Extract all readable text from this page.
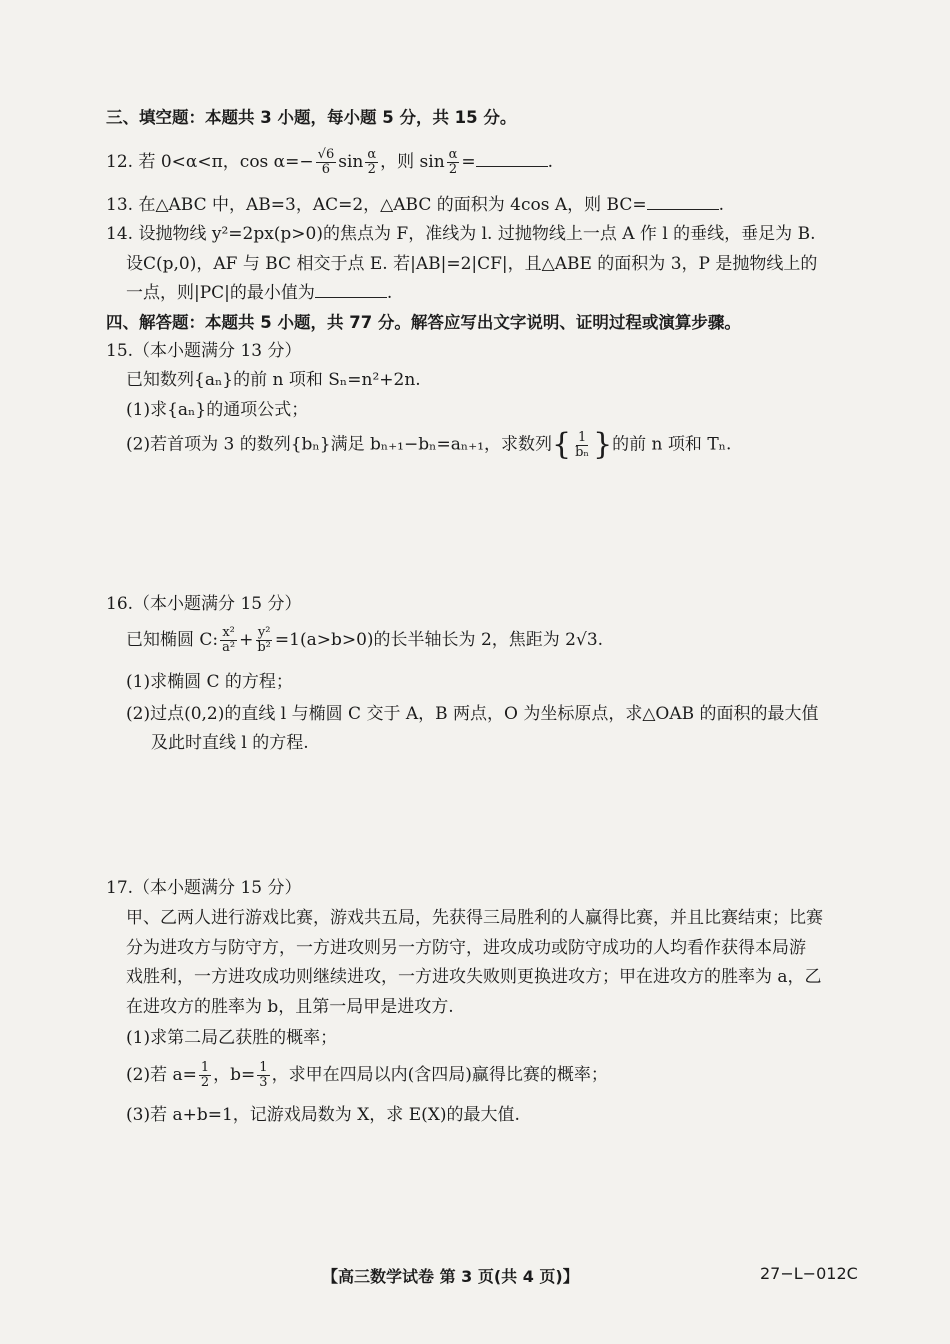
三、填空题：本题共 3 小题，每小题 5 分，共 15 分。
12. 若 0<α<π，$\cos \alpha=- \frac{√6}{6}$ $\sin \frac{\alpha}{2}$ ，则 $\sin \frac{\alpha}{2}$ =	.
13. 在△ABC 中，AB=3，AC=2，△ABC 的面积为 4cos A，则 BC=	.
14. 设抛物线 y²=2px(p>0)的焦点为 F，准线为 l. 过抛物线上一点 A 作 l 的垂线，垂足为 B.
设C(p,0)，AF 与 BC 相交于点 E. 若|AB|=2|CF|，且△ABE 的面积为 3，P 是抛物线上的
一点，则|PC|的最小值为	.
四、解答题：本题共 5 小题，共 77 分。解答应写出文字说明、证明过程或演算步骤。
15.（本小题满分 13 分）
已知数列{aₙ}的前 n 项和 Sₙ=n²+2n.
(1)求{aₙ}的通项公式；
(2)若首项为 3 的数列{bₙ}满足 bₙ₊₁−bₙ=aₙ₊₁，求数列{ $\frac{1}{\text{bₙ}}$ }的前 n 项和 Tₙ.
16.（本小题满分 15 分）
已知椭圆 C: $\frac{\text{x²}}{\text{a²}} + \frac{\text{y²}}{\text{b²}} =1(a>b>0)$的长半轴长为 2，焦距为 2√3.
(1)求椭圆 C 的方程；
(2)过点(0,2)的直线 l 与椭圆 C 交于 A，B 两点，O 为坐标原点，求△OAB 的面积的最大值
及此时直线 l 的方程.
17.（本小题满分 15 分）
甲、乙两人进行游戏比赛，游戏共五局，先获得三局胜利的人赢得比赛，并且比赛结束；比赛
分为进攻方与防守方，一方进攻则另一方防守，进攻成功或防守成功的人均看作获得本局游
戏胜利，一方进攻成功则继续进攻，一方进攻失败则更换进攻方；甲在进攻方的胜率为 a，乙
在进攻方的胜率为 b，且第一局甲是进攻方.
(1)求第二局乙获胜的概率；
(2)若 $a= \frac{1}{2}$ ，$b= \frac{1}{3}$ ，求甲在四局以内(含四局)赢得比赛的概率；
(3)若 a+b=1，记游戏局数为 X，求 E(X)的最大值.
【高三数学试卷 第 3 页(共 4 页)】	27−L−012C
